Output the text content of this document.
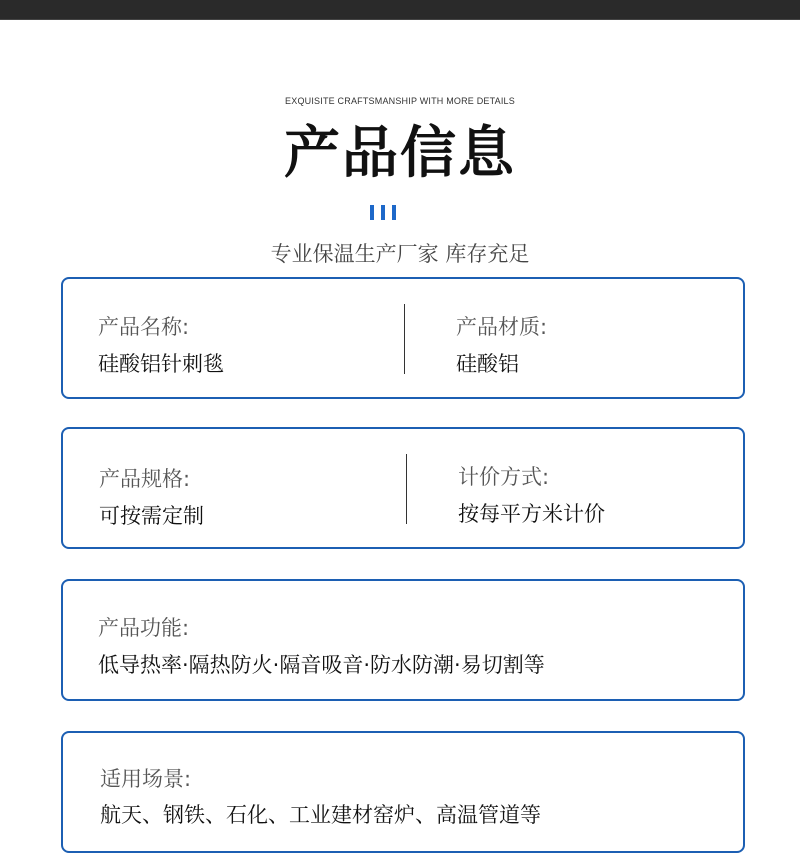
EXQUISITE CRAFTSMANSHIP WITH MORE DETAILS
产品信息
专业保温生产厂家 库存充足
产品名称:
硅酸铝针刺毯
产品材质:
硅酸铝
产品规格:
可按需定制
计价方式:
按每平方米计价
产品功能:
低导热率·隔热防火·隔音吸音·防水防潮·易切割等
适用场景:
航天、钢铁、石化、工业建材窑炉、高温管道等
